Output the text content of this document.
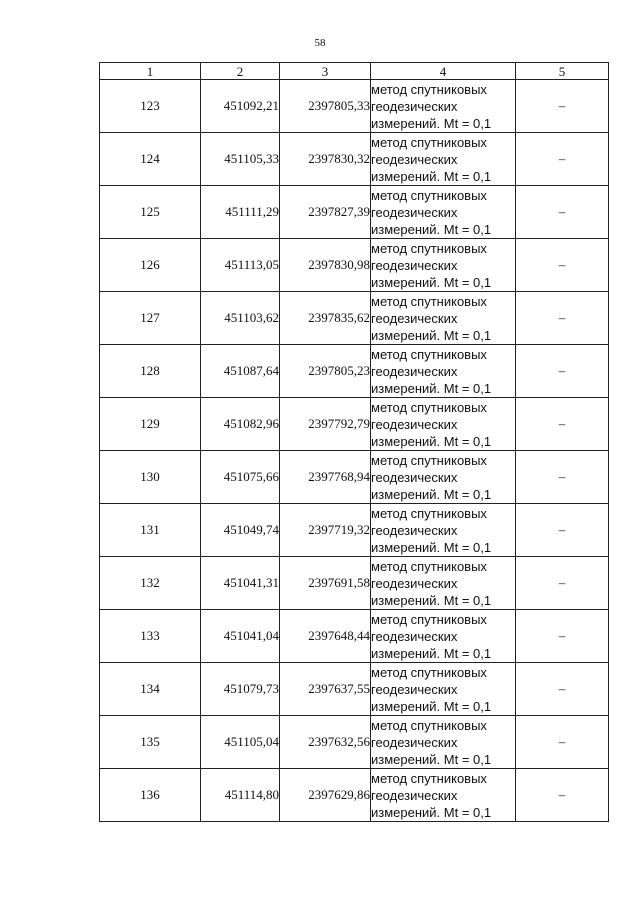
58
1	2	3	4	5
123	451092,21	2397805,33	метод спутниковых
геодезических
измерений. Mt = 0,1	–
124	451105,33	2397830,32	метод спутниковых
геодезических
измерений. Mt = 0,1	–
125	451111,29	2397827,39	метод спутниковых
геодезических
измерений. Mt = 0,1	–
126	451113,05	2397830,98	метод спутниковых
геодезических
измерений. Mt = 0,1	–
127	451103,62	2397835,62	метод спутниковых
геодезических
измерений. Mt = 0,1	–
128	451087,64	2397805,23	метод спутниковых
геодезических
измерений. Mt = 0,1	–
129	451082,96	2397792,79	метод спутниковых
геодезических
измерений. Mt = 0,1	–
130	451075,66	2397768,94	метод спутниковых
геодезических
измерений. Mt = 0,1	–
131	451049,74	2397719,32	метод спутниковых
геодезических
измерений. Mt = 0,1	–
132	451041,31	2397691,58	метод спутниковых
геодезических
измерений. Mt = 0,1	–
133	451041,04	2397648,44	метод спутниковых
геодезических
измерений. Mt = 0,1	–
134	451079,73	2397637,55	метод спутниковых
геодезических
измерений. Mt = 0,1	–
135	451105,04	2397632,56	метод спутниковых
геодезических
измерений. Mt = 0,1	–
136	451114,80	2397629,86	метод спутниковых
геодезических
измерений. Mt = 0,1	–
